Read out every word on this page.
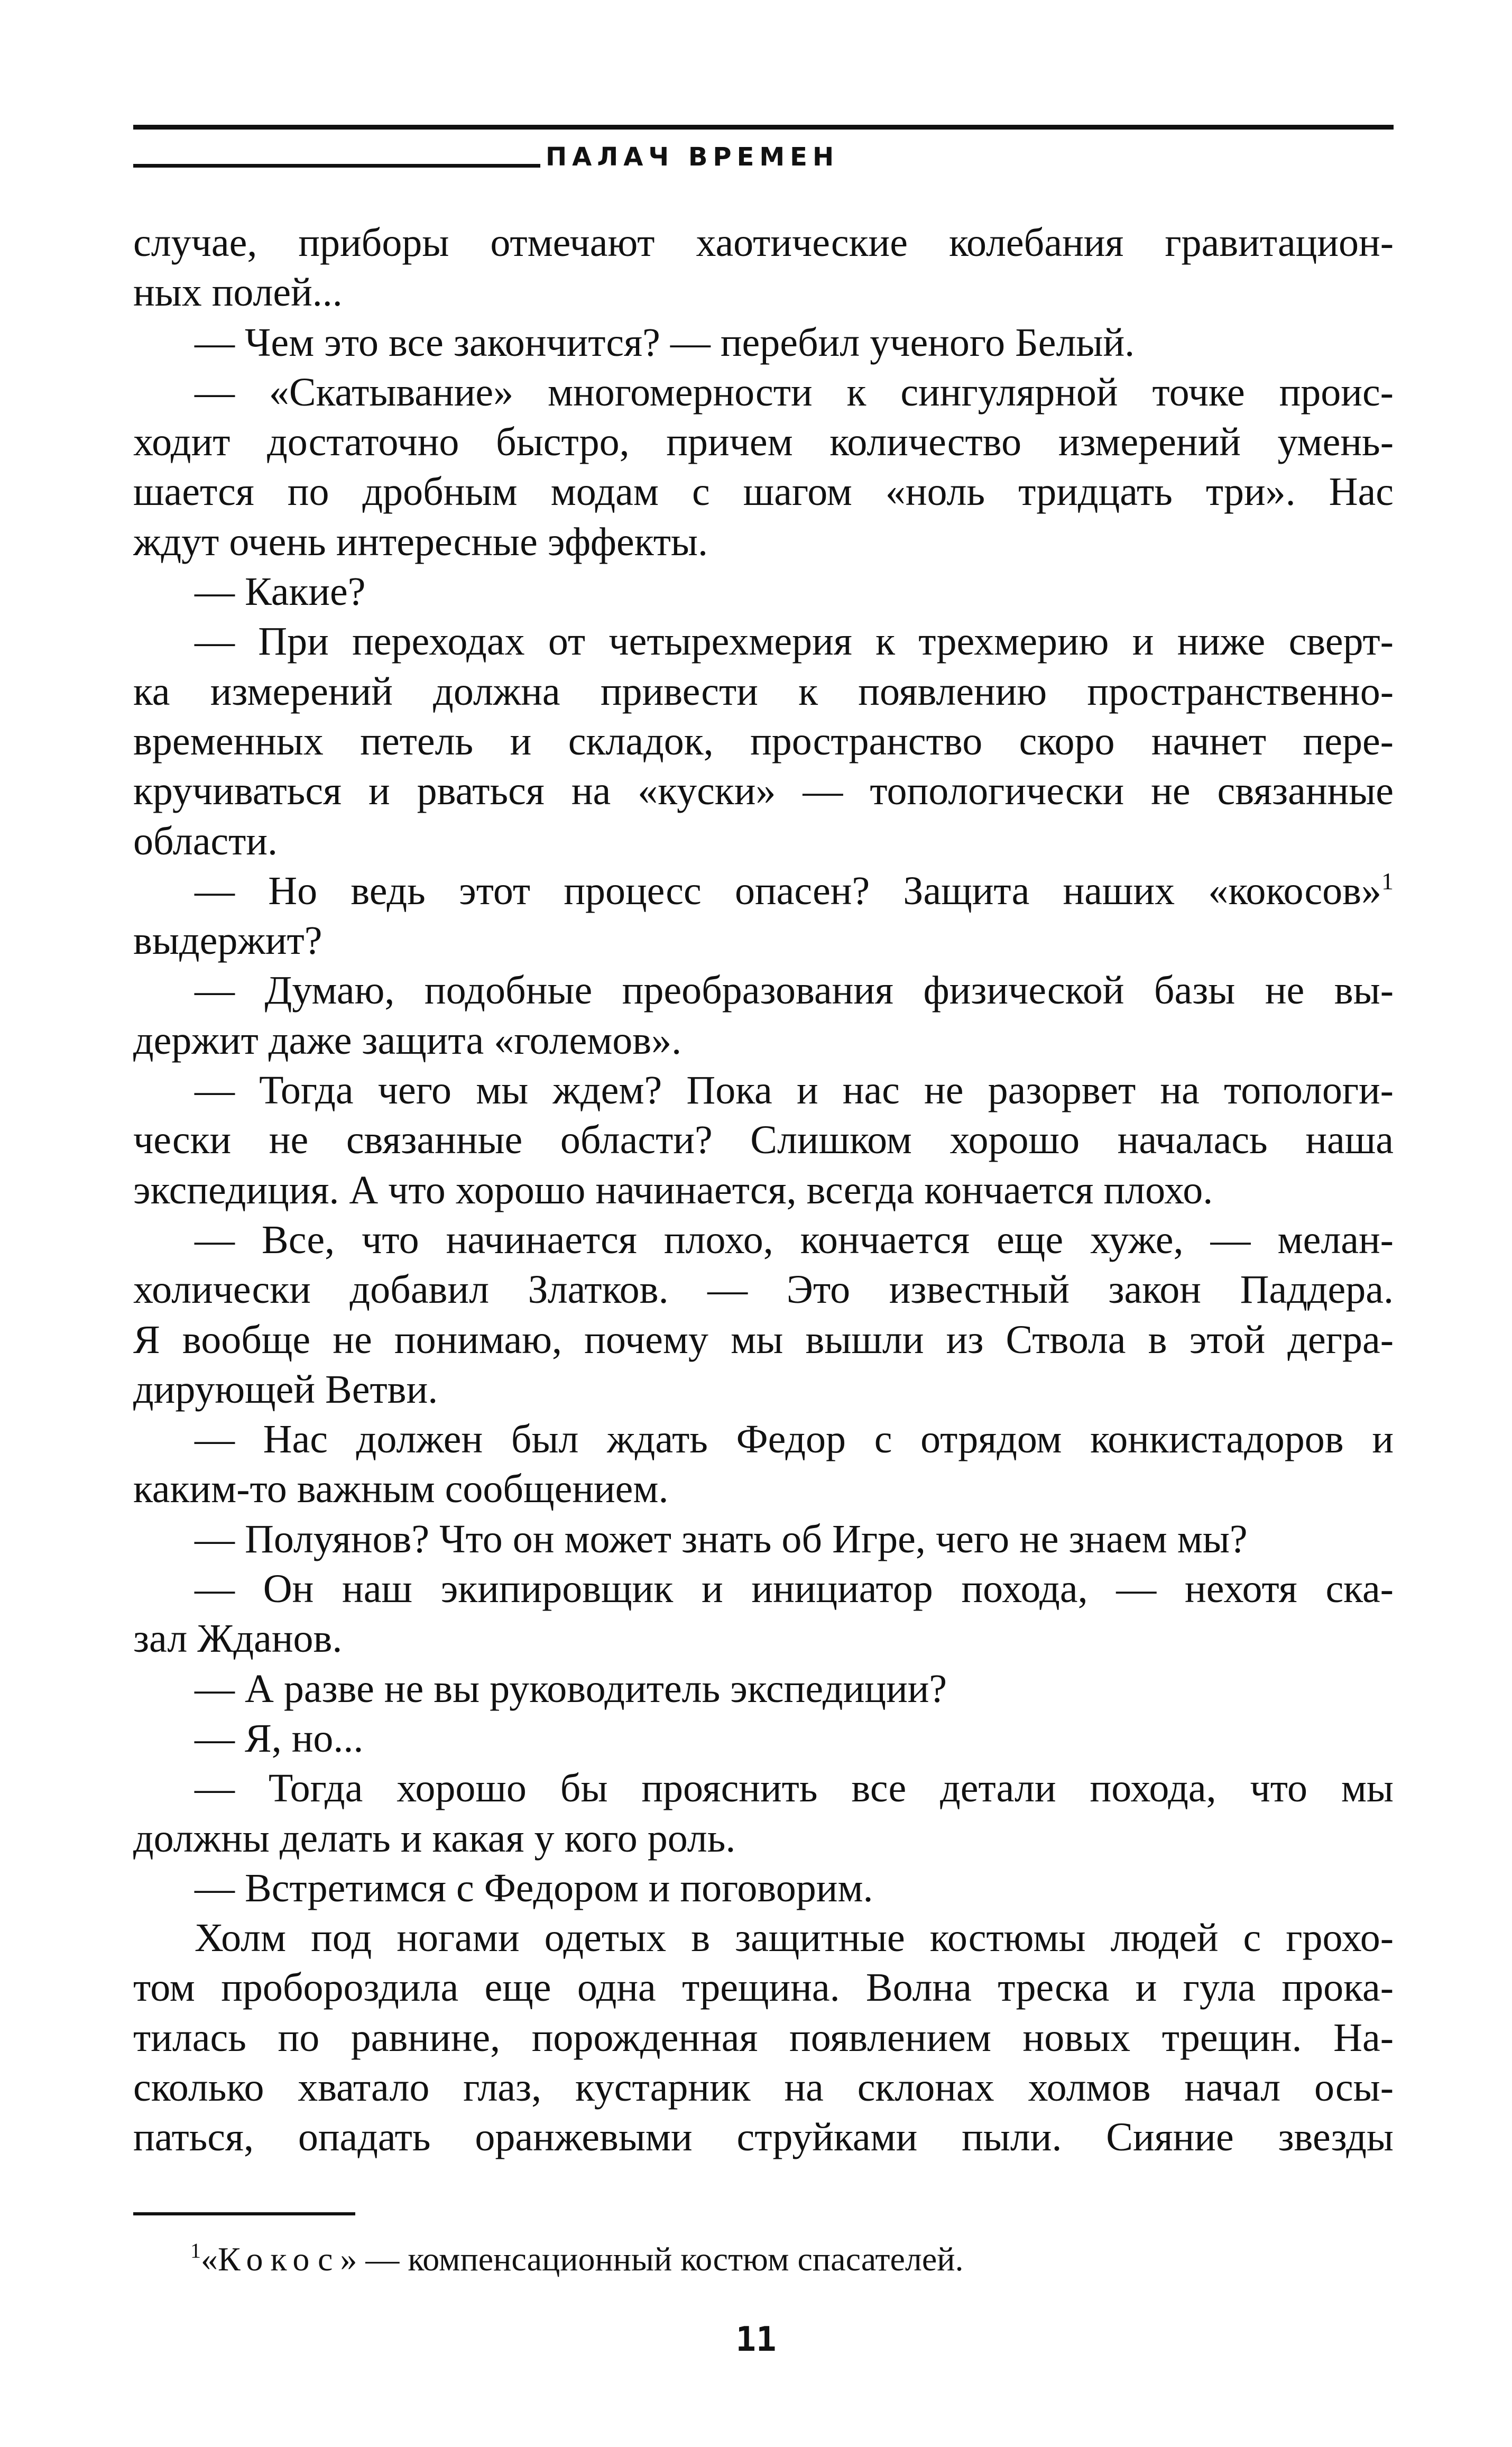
ПАЛАЧ ВРЕМЕН
случае, приборы отмечают хаотические колебания гравитацион-
ных полей...
— Чем это все закончится? — перебил ученого Белый.
— «Скатывание» многомерности к сингулярной точке проис-
ходит достаточно быстро, причем количество измерений умень-
шается по дробным модам с шагом «ноль тридцать три». Нас
ждут очень интересные эффекты.
— Какие?
— При переходах от четырехмерия к трехмерию и ниже сверт-
ка измерений должна привести к появлению пространственно-
временных петель и складок, пространство скоро начнет пере-
кручиваться и рваться на «куски» — топологически не связанные
области.
— Но ведь этот процесс опасен? Защита наших «кокосов»$^1$
выдержит?
— Думаю, подобные преобразования физической базы не вы-
держит даже защита «големов».
— Тогда чего мы ждем? Пока и нас не разорвет на топологи-
чески не связанные области? Слишком хорошо началась наша
экспедиция. А что хорошо начинается, всегда кончается плохо.
— Все, что начинается плохо, кончается еще хуже, — мелан-
холически добавил Златков. — Это известный закон Паддера.
Я вообще не понимаю, почему мы вышли из Ствола в этой дегра-
дирующей Ветви.
— Нас должен был ждать Федор с отрядом конкистадоров и
каким-то важным сообщением.
— Полуянов? Что он может знать об Игре, чего не знаем мы?
— Он наш экипировщик и инициатор похода, — нехотя ска-
зал Жданов.
— А разве не вы руководитель экспедиции?
— Я, но...
— Тогда хорошо бы прояснить все детали похода, что мы
должны делать и какая у кого роль.
— Встретимся с Федором и поговорим.
Холм под ногами одетых в защитные костюмы людей с грохо-
том пробороздила еще одна трещина. Волна треска и гула прока-
тилась по равнине, порожденная появлением новых трещин. На-
сколько хватало глаз, кустарник на склонах холмов начал осы-
паться, опадать оранжевыми струйками пыли. Сияние звезды
$^1$«Кокос» — компенсационный костюм спасателей.
11
